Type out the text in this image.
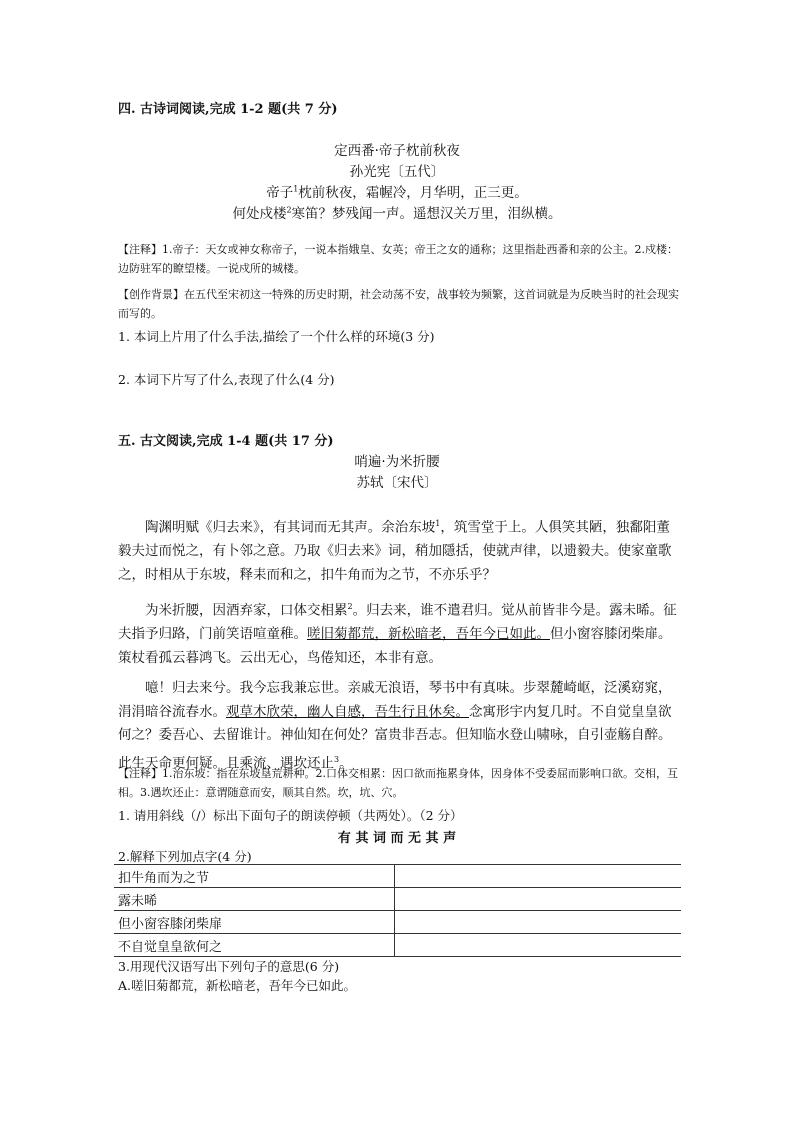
四. 古诗词阅读,完成 1-2 题(共 7 分)
定西番·帝子枕前秋夜
孙光宪〔五代〕
帝子$^1$枕前秋夜，霜幄冷，月华明，正三更。
何处戍楼$^2$寒笛？梦残闻一声。遥想汉关万里，泪纵横。
【注释】1.帝子：天女或神女称帝子，一说本指娥皇、女英；帝王之女的通称；这里指赴西番和亲的公主。2.戍楼：边防驻军的瞭望楼。一说戍所的城楼。
【创作背景】在五代至宋初这一特殊的历史时期，社会动荡不安，战事较为频繁，这首词就是为反映当时的社会现实而写的。
1. 本词上片用了什么手法,描绘了一个什么样的环境(3 分)
2. 本词下片写了什么,表现了什么(4 分)
五. 古文阅读,完成 1-4 题(共 17 分)
哨遍·为米折腰
苏轼〔宋代〕
陶渊明赋《归去来》，有其词而无其声。余治东坡$^1$，筑雪堂于上。人俱笑其陋，独鄱阳董毅夫过而悦之，有卜邻之意。乃取《归去来》词，稍加隱括，使就声律，以遗毅夫。使家童歌之，时相从于东坡，释耒而和之，扣牛角而为之节，不亦乐乎？
为米折腰，因酒弃家，口体交相累$^2$。归去来，谁不遣君归。觉从前皆非今是。露未晞。征夫指予归路，门前笑语喧童稚。嗟旧菊都荒，新松暗老，吾年今已如此。但小窗容膝闭柴扉。策杖看孤云暮鸿飞。云出无心，鸟倦知还，本非有意。
噫！归去来兮。我今忘我兼忘世。亲戚无浪语，琴书中有真味。步翠麓崎岖，泛溪窈窕，涓涓暗谷流春水。观草木欣荣，幽人自感，吾生行且休矣。念寓形宇内复几时。不自觉皇皇欲何之？委吾心、去留谁计。神仙知在何处？富贵非吾志。但知临水登山啸咏，自引壶觞自醉。此生天命更何疑。且乘流、遇坎还止$^3$。
【注释】1.治东坡：指在东坡垦荒耕种。2.口体交相累：因口欲而拖累身体，因身体不受委屈而影响口欲。交相，互相。3.遇坎还止：意谓随意而安，顺其自然。坎，坑、穴。
1. 请用斜线（/）标出下面句子的朗读停顿（共两处）。（2 分）
有 其 词 而 无 其 声
2.解释下列加点字(4 分)
扣牛角而为之节	
露未晞	
但小窗容膝闭柴扉	
不自觉皇皇欲何之	
3.用现代汉语写出下列句子的意思(6 分)
A.嗟旧菊都荒，新松暗老，吾年今已如此。
